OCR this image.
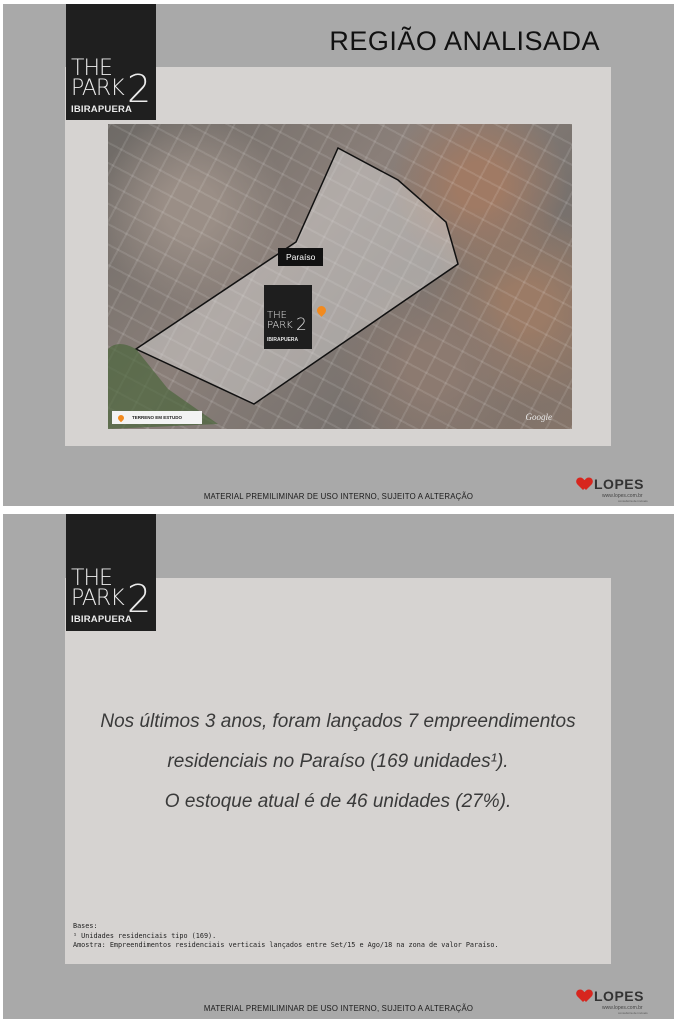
THE
PARK 2
IBIRAPUERA
REGIÃO ANALISADA
Paraíso
THE
PARK 2
IBIRAPUERA
TERRENO EM ESTUDO	Google
MATERIAL PREMILIMINAR DE USO INTERNO, SUJEITO A ALTERAÇÃO
LOPES
www.lopes.com.br
consultoria de imóveis
THE
PARK 2
IBIRAPUERA

Nos últimos 3 anos, foram lançados 7 empreendimentos

residenciais no Paraíso (169 unidades¹).

O estoque atual é de 46 unidades (27%).

Bases:
¹ Unidades residenciais tipo (169).
Amostra: Empreendimentos residenciais verticais lançados entre Set/15 e Ago/18 na zona de valor Paraíso.
MATERIAL PREMILIMINAR DE USO INTERNO, SUJEITO A ALTERAÇÃO
LOPES
www.lopes.com.br
consultoria de imóveis
